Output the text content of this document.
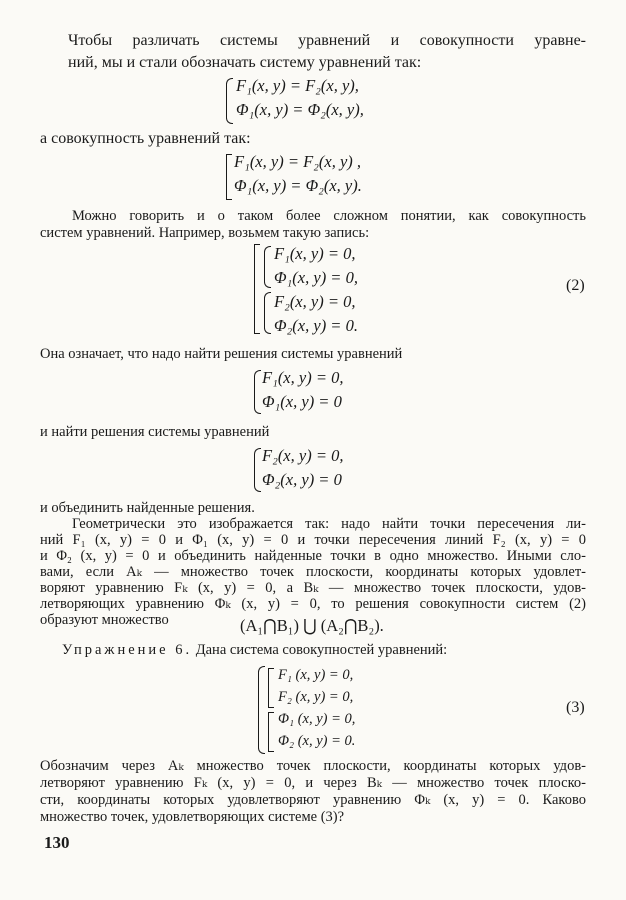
Чтобы различать системы уравнений и совокупности уравне-
ний, мы и стали обозначать систему уравнений так:
F₁(x, y) = F₂(x, y),
Φ₁(x, y) = Φ₂(x, y),
а совокупность уравнений так:
F₁(x, y) = F₂(x, y) ,
Φ₁(x, y) = Φ₂(x, y).
Можно говорить и о таком более сложном понятии, как совокупность
систем уравнений. Например, возьмем такую запись:
F₁(x, y) = 0,
Φ₁(x, y) = 0,
F₂(x, y) = 0,
Φ₂(x, y) = 0.
(2)
Она означает, что надо найти решения системы уравнений
F₁(x, y) = 0,
Φ₁(x, y) = 0
и найти решения системы уравнений
F₂(x, y) = 0,
Φ₂(x, y) = 0
и объединить найденные решения.
Геометрически это изображается так: надо найти точки пересечения ли-
ний F₁ (x, y) = 0 и Φ₁ (x, y) = 0 и точки пересечения линий F₂ (x, y) = 0
и Φ₂ (x, y) = 0 и объединить найденные точки в одно множество. Иными сло-
вами, если Aₖ — множество точек плоскости, координаты которых удовлет-
воряют уравнению Fₖ (x, y) = 0, а Bₖ — множество точек плоскости, удов-
летворяющих уравнению Φₖ (x, y) = 0, то решения совокупности систем (2)
образуют множество	(A₁⋂B₁) ⋃ (A₂⋂B₂).
Упражнение 6. Дана система совокупностей уравнений:
F₁ (x, y) = 0,
F₂ (x, y) = 0,
Φ₁ (x, y) = 0,
Φ₂ (x, y) = 0.
(3)
Обозначим через Aₖ множество точек плоскости, координаты которых удов-
летворяют уравнению Fₖ (x, y) = 0, и через Bₖ — множество точек плоско-
сти, координаты которых удовлетворяют уравнению Φₖ (x, y) = 0. Каково
множество точек, удовлетворяющих системе (3)?
130
